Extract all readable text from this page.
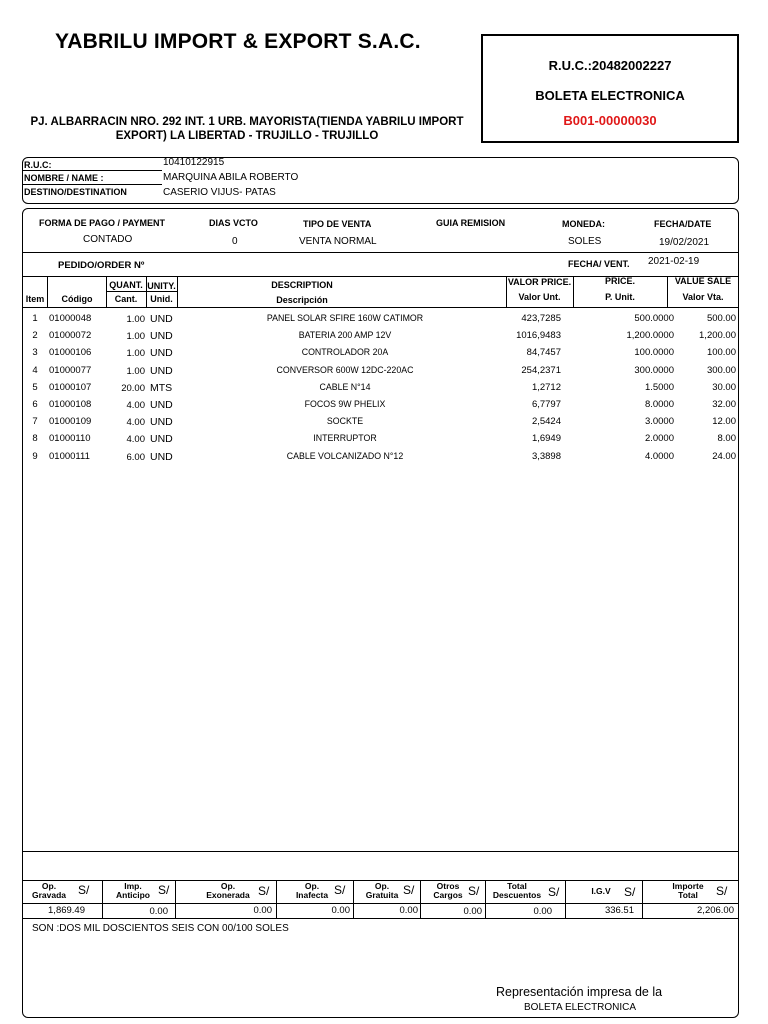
YABRILU IMPORT & EXPORT S.A.C.
PJ. ALBARRACIN NRO. 292 INT. 1 URB. MAYORISTA(TIENDA YABRILU IMPORT EXPORT) LA LIBERTAD - TRUJILLO - TRUJILLO
R.U.C.:20482002227
BOLETA ELECTRONICA
B001-00000030
R.U.C:	10410122915
NOMBRE / NAME :	MARQUINA ABILA ROBERTO
DESTINO/DESTINATION	CASERIO VIJUS- PATAS
FORMA DE PAGO / PAYMENT
CONTADO
DIAS VCTO
0
TIPO DE VENTA
VENTA NORMAL
GUIA REMISION	MONEDA:
SOLES
FECHA/DATE
19/02/2021
PEDIDO/ORDER Nº	FECHA/ VENT. 2021-02-19
Item	Código
QUANT.
Cant.
UNITY.
Unid.
DESCRIPTION
Descripción
VALOR PRICE.
Valor Unt.
PRICE.
P. Unit.
VALUE SALE
Valor Vta.
1	01000048	1.00 UND	PANEL SOLAR SFIRE 160W CATIMOR	423,7285	500.0000	500.00
2	01000072	1.00 UND	BATERIA 200 AMP 12V	1016,9483	1,200.0000	1,200.00
3	01000106	1.00 UND	CONTROLADOR 20A	84,7457	100.0000	100.00
4	01000077	1.00 UND	CONVERSOR 600W 12DC-220AC	254,2371	300.0000	300.00
5	01000107	20.00 MTS	CABLE N°14	1,2712	1.5000	30.00
6	01000108	4.00 UND	FOCOS 9W PHELIX	6,7797	8.0000	32.00
7	01000109	4.00 UND	SOCKTE	2,5424	3.0000	12.00
8	01000110	4.00 UND	INTERRUPTOR	1,6949	2.0000	8.00
9	01000111	6.00 UND	CABLE VOLCANIZADO N°12	3,3898	4.0000	24.00
Op.
Gravada S/
1,869.49
Imp.
Anticipo S/
0.00
Op.
Exonerada S/
0.00
Op.
Inafecta S/
0.00
Op.
Gratuita S/
0.00
Otros
Cargos S/
0.00
Total
Descuentos S/
0.00
I.G.V S/
336.51
Importe
Total	S/
2,206.00
SON :DOS MIL DOSCIENTOS SEIS CON 00/100 SOLES
Representación impresa de la
BOLETA ELECTRONICA
